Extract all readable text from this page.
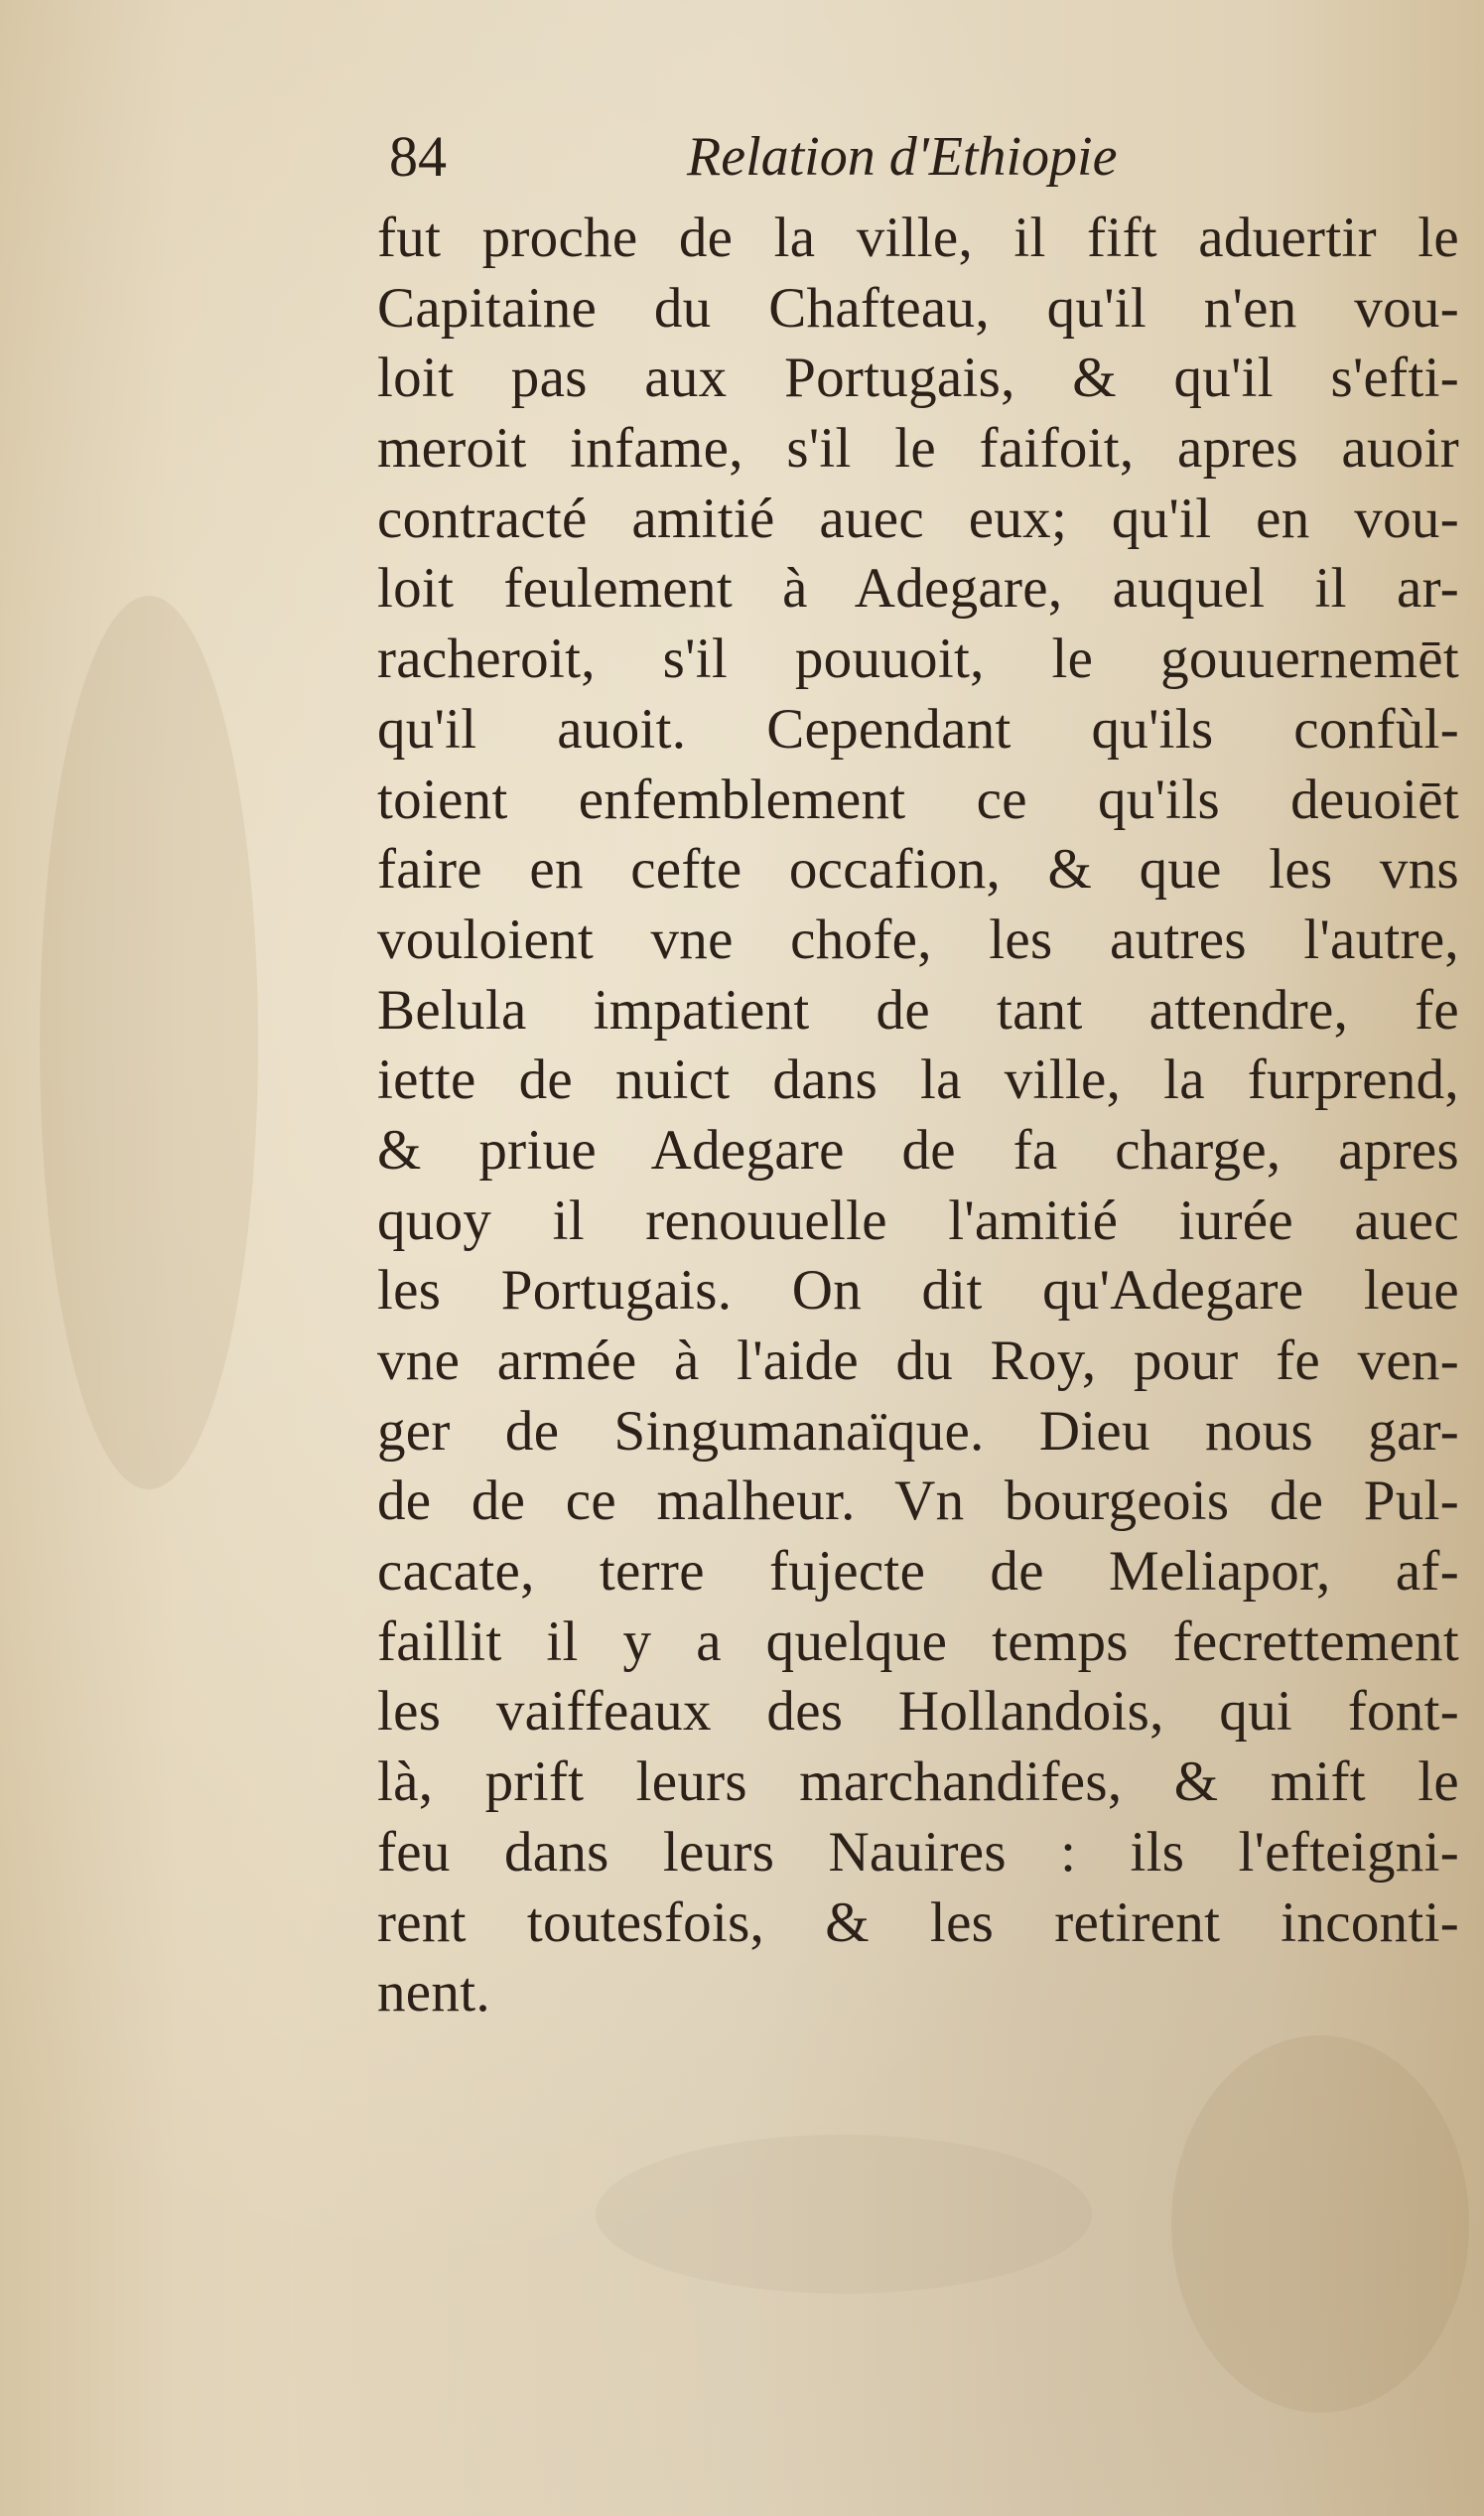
84	Relation d'Ethiopie
fut proche de la ville, il fift aduertir le
Capitaine du Chafteau, qu'il n'en vou-
loit pas aux Portugais, & qu'il s'efti-
meroit infame, s'il le faifoit, apres auoir
contracté amitié auec eux; qu'il en vou-
loit feulement à Adegare, auquel il ar-
racheroit, s'il pouuoit, le gouuernemēt
qu'il auoit. Cependant qu'ils confùl-
toient enfemblement ce qu'ils deuoiēt
faire en cefte occafion, & que les vns
vouloient vne chofe, les autres l'autre,
Belula impatient de tant attendre, fe
iette de nuict dans la ville, la furprend,
& priue Adegare de fa charge, apres
quoy il renouuelle l'amitié iurée auec
les Portugais. On dit qu'Adegare leue
vne armée à l'aide du Roy, pour fe ven-
ger de Singumanaïque. Dieu nous gar-
de de ce malheur. Vn bourgeois de Pul-
cacate, terre fujecte de Meliapor, af-
faillit il y a quelque temps fecrettement
les vaiffeaux des Hollandois, qui font-
là, prift leurs marchandifes, & mift le
feu dans leurs Nauires : ils l'efteigni-
rent toutesfois, & les retirent inconti-
nent.
